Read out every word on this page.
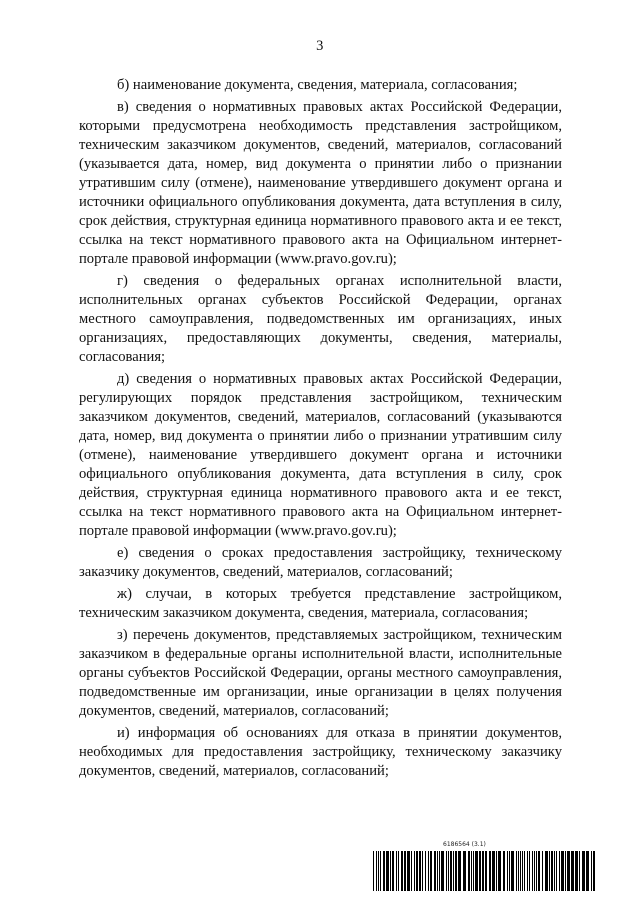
3

б) наименование документа, сведения, материала, согласования;

в) сведения о нормативных правовых актах Российской Федерации, которыми предусмотрена необходимость представления застройщиком, техническим заказчиком документов, сведений, материалов, согласований (указывается дата, номер, вид документа о принятии либо о признании утратившим силу (отмене), наименование утвердившего документ органа и источники официального опубликования документа, дата вступления в силу, срок действия, структурная единица нормативного правового акта и ее текст, ссылка на текст нормативного правового акта на Официальном интернет-портале правовой информации (www.pravo.gov.ru);

г) сведения о федеральных органах исполнительной власти, исполнительных органах субъектов Российской Федерации, органах местного самоуправления, подведомственных им организациях, иных организациях, предоставляющих документы, сведения, материалы, согласования;

д) сведения о нормативных правовых актах Российской Федерации, регулирующих порядок представления застройщиком, техническим заказчиком документов, сведений, материалов, согласований (указываются дата, номер, вид документа о принятии либо о признании утратившим силу (отмене), наименование утвердившего документ органа и источники официального опубликования документа, дата вступления в силу, срок действия, структурная единица нормативного правового акта и ее текст, ссылка на текст нормативного правового акта на Официальном интернет-портале правовой информации (www.pravo.gov.ru);

е) сведения о сроках предоставления застройщику, техническому заказчику документов, сведений, материалов, согласований;

ж) случаи, в которых требуется представление застройщиком, техническим заказчиком документа, сведения, материала, согласования;

з) перечень документов, представляемых застройщиком, техническим заказчиком в федеральные органы исполнительной власти, исполнительные органы субъектов Российской Федерации, органы местного самоуправления, подведомственные им организации, иные организации в целях получения документов, сведений, материалов, согласований;

и) информация об основаниях для отказа в принятии документов, необходимых для предоставления застройщику, техническому заказчику документов, сведений, материалов, согласований;

6186564 (3.1)
